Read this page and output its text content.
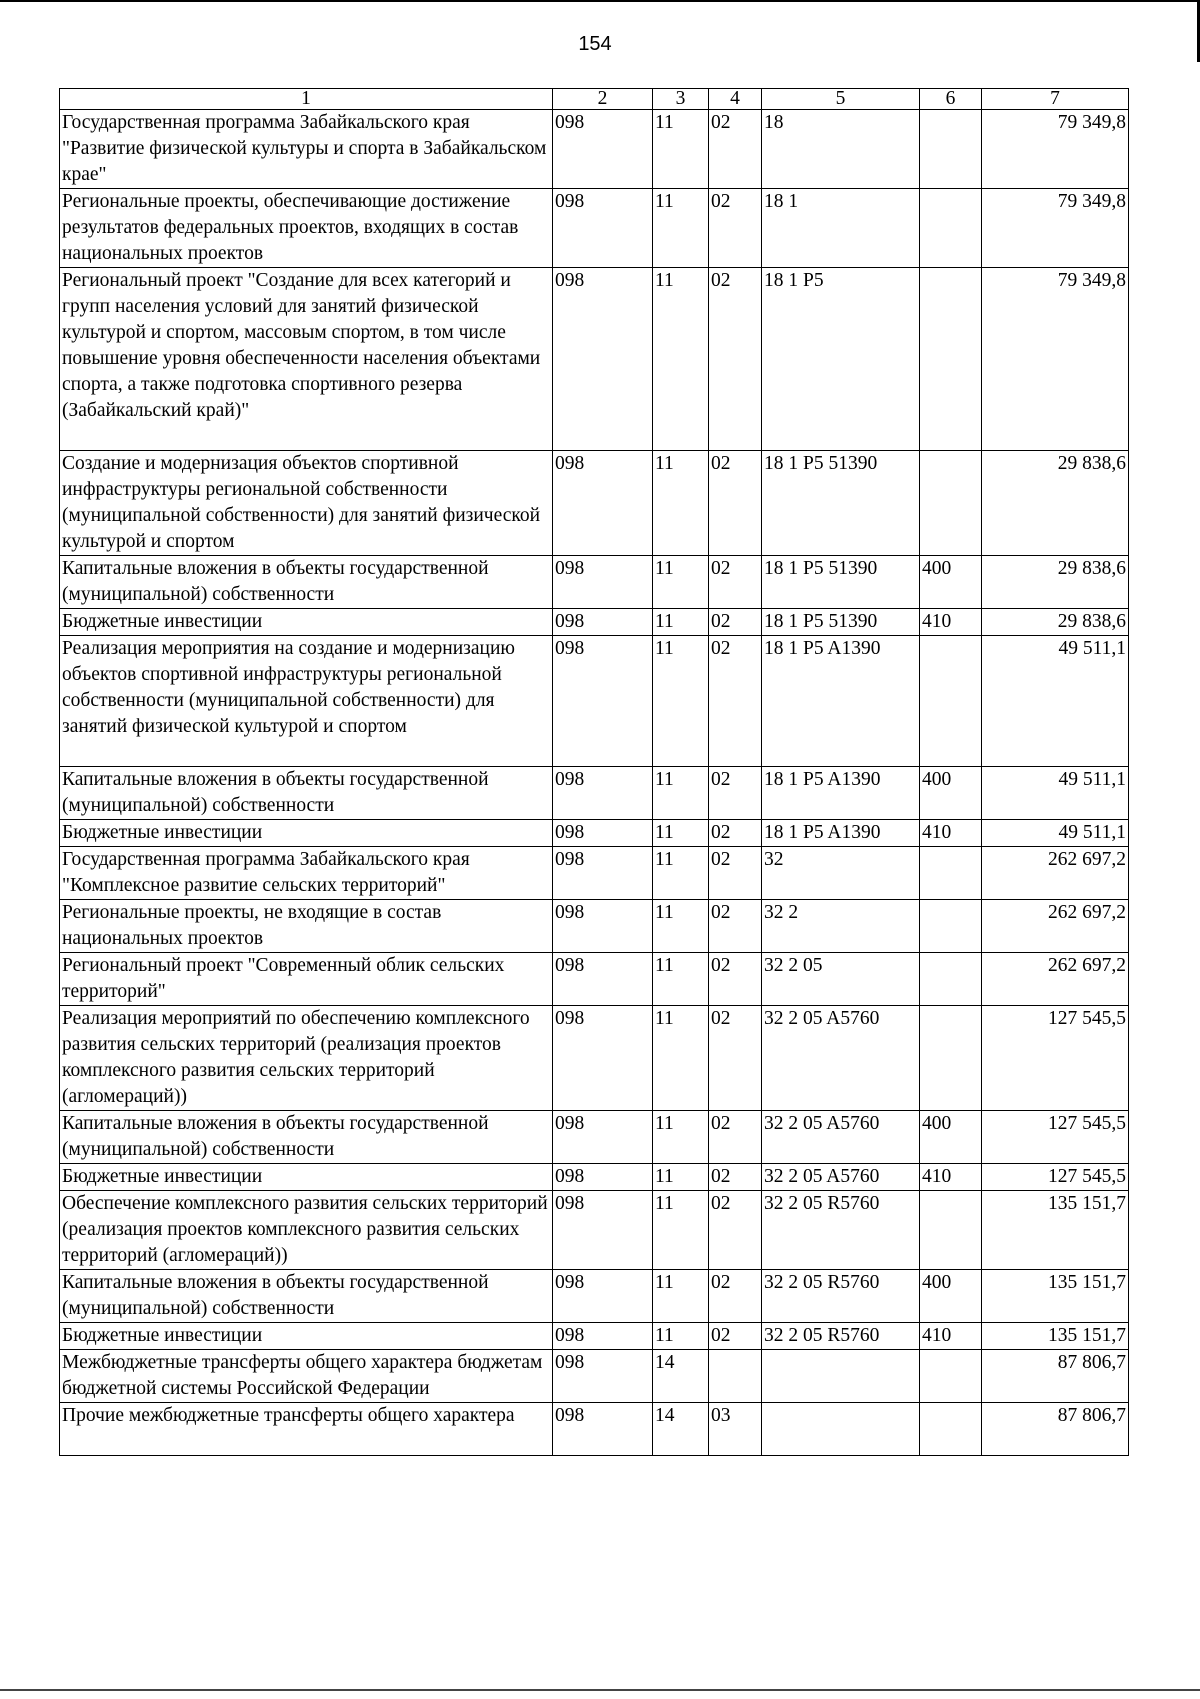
154
1	2	3	4	5	6	7
Государственная программа Забайкальского края "Развитие физической культуры и спорта в Забайкальском крае"	098	11	02	18		79 349,8
Региональные проекты, обеспечивающие достижение результатов федеральных проектов, входящих в состав национальных проектов	098	11	02	18 1		79 349,8
Региональный проект "Создание для всех категорий и групп населения условий для занятий физической культурой и спортом, массовым спортом, в том числе повышение уровня обеспеченности населения объектами спорта, а также подготовка спортивного резерва (Забайкальский край)"	098	11	02	18 1 P5		79 349,8
Создание и модернизация объектов спортивной инфраструктуры региональной собственности (муниципальной собственности) для занятий физической культурой и спортом	098	11	02	18 1 P5 51390		29 838,6
Капитальные вложения в объекты государственной (муниципальной) собственности	098	11	02	18 1 P5 51390	400	29 838,6
Бюджетные инвестиции	098	11	02	18 1 P5 51390	410	29 838,6
Реализация мероприятия на создание и модернизацию объектов спортивной инфраструктуры региональной собственности (муниципальной собственности) для занятий физической культурой и спортом	098	11	02	18 1 P5 A1390		49 511,1
Капитальные вложения в объекты государственной (муниципальной) собственности	098	11	02	18 1 P5 A1390	400	49 511,1
Бюджетные инвестиции	098	11	02	18 1 P5 A1390	410	49 511,1
Государственная программа Забайкальского края "Комплексное развитие сельских территорий"	098	11	02	32		262 697,2
Региональные проекты, не входящие в состав национальных проектов	098	11	02	32 2		262 697,2
Региональный проект "Современный облик сельских территорий"	098	11	02	32 2 05		262 697,2
Реализация мероприятий по обеспечению комплексного развития сельских территорий (реализация проектов комплексного развития сельских территорий (агломераций))	098	11	02	32 2 05 A5760		127 545,5
Капитальные вложения в объекты государственной (муниципальной) собственности	098	11	02	32 2 05 A5760	400	127 545,5
Бюджетные инвестиции	098	11	02	32 2 05 A5760	410	127 545,5
Обеспечение комплексного развития сельских территорий (реализация проектов комплексного развития сельских территорий (агломераций))	098	11	02	32 2 05 R5760		135 151,7
Капитальные вложения в объекты государственной (муниципальной) собственности	098	11	02	32 2 05 R5760	400	135 151,7
Бюджетные инвестиции	098	11	02	32 2 05 R5760	410	135 151,7
Межбюджетные трансферты общего характера бюджетам бюджетной системы Российской Федерации	098	14				87 806,7
Прочие межбюджетные трансферты общего характера	098	14	03			87 806,7
